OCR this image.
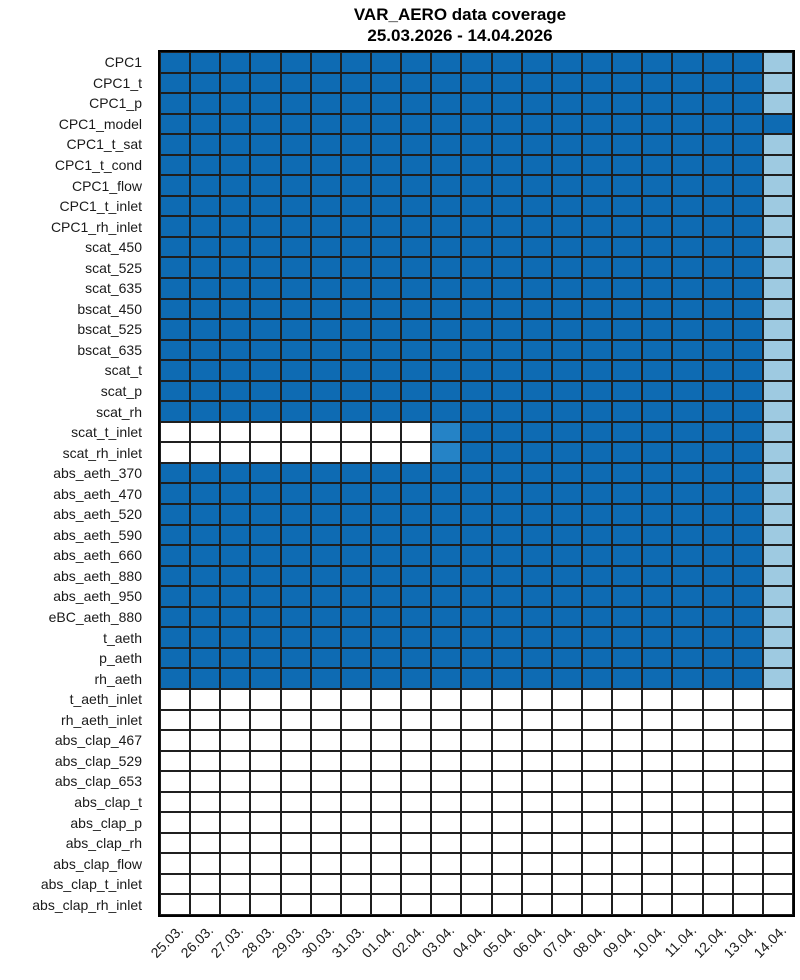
VAR_AERO data coverage
25.03.2026 - 14.04.2026
CPC1
CPC1_t
CPC1_p
CPC1_model
CPC1_t_sat
CPC1_t_cond
CPC1_flow
CPC1_t_inlet
CPC1_rh_inlet
scat_450
scat_525
scat_635
bscat_450
bscat_525
bscat_635
scat_t
scat_p
scat_rh
scat_t_inlet
scat_rh_inlet
abs_aeth_370
abs_aeth_470
abs_aeth_520
abs_aeth_590
abs_aeth_660
abs_aeth_880
abs_aeth_950
eBC_aeth_880
t_aeth
p_aeth
rh_aeth
t_aeth_inlet
rh_aeth_inlet
abs_clap_467
abs_clap_529
abs_clap_653
abs_clap_t
abs_clap_p
abs_clap_rh
abs_clap_flow
abs_clap_t_inlet
abs_clap_rh_inlet
25.03.
26.03.
27.03.
28.03.
29.03.
30.03.
31.03.
01.04.
02.04.
03.04.
04.04.
05.04.
06.04.
07.04.
08.04.
09.04.
10.04.
11.04.
12.04.
13.04.
14.04.
